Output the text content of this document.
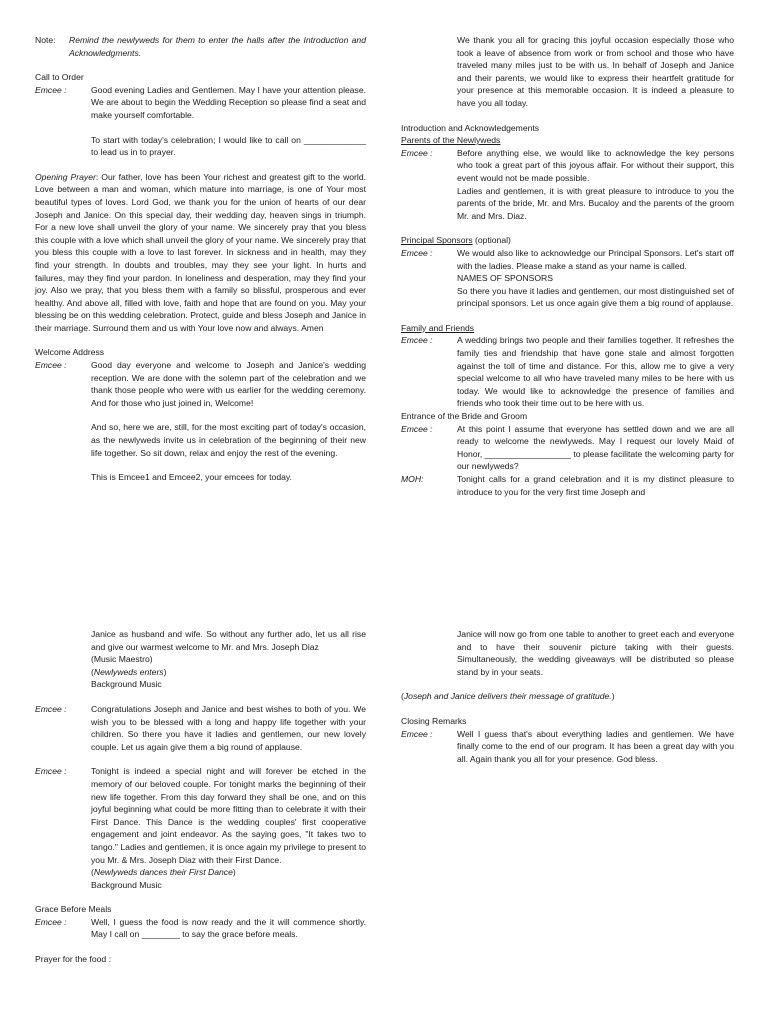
Note:	Remind the newlyweds for them to enter the halls after the Introduction and Acknowledgments.

Call to Order

Emcee :	Good evening Ladies and Gentlemen. May I have your attention please. We are about to begin the Wedding Reception so please find a seat and make yourself comfortable.

To start with today's celebration; I would like to call on _____________ to lead us in to prayer.

Opening Prayer: Our father, love has been Your richest and greatest gift to the world. Love between a man and woman, which mature into marriage, is one of Your most beautiful types of loves. Lord God, we thank you for the union of hearts of our dear Joseph and Janice. On this special day, their wedding day, heaven sings in triumph. For a new love shall unveil the glory of your name. We sincerely pray that you bless this couple with a love which shall unveil the glory of your name. We sincerely pray that you bless this couple with a love to last forever. In sickness and in health, may they find your strength. In doubts and troubles, may they see your light. In hurts and failures, may they find your pardon. In loneliness and desperation, may they find your joy. Also we pray, that you bless them with a family so blissful, prosperous and ever healthy. And above all, filled with love, faith and hope that are found on you. May your blessing be on this wedding celebration. Protect, guide and bless Joseph and Janice in their marriage. Surround them and us with Your love now and always. Amen

Welcome Address

Emcee :	Good day everyone and welcome to Joseph and Janice's wedding reception. We are done with the solemn part of the celebration and we thank those people who were with us earlier for the wedding ceremony. And for those who just joined in, Welcome!

And so, here we are, still, for the most exciting part of today's occasion, as the newlyweds invite us in celebration of the beginning of their new life together. So sit down, relax and enjoy the rest of the evening.

This is Emcee1 and Emcee2, your emcees for today.

We thank you all for gracing this joyful occasion especially those who took a leave of absence from work or from school and those who have traveled many miles just to be with us. In behalf of Joseph and Janice and their parents, we would like to express their heartfelt gratitude for your presence at this memorable occasion. It is indeed a pleasure to have you all today.

Introduction and Acknowledgements

Parents of the Newlyweds

Emcee :	Before anything else, we would like to acknowledge the key persons who took a great part of this joyous affair. For without their support, this event would not be made possible.

Ladies and gentlemen, it is with great pleasure to introduce to you the parents of the bride, Mr. and Mrs. Bucaloy and the parents of the groom Mr. and Mrs. Diaz.

Principal Sponsors (optional)

Emcee :	We would also like to acknowledge our Principal Sponsors. Let's start off with the ladies. Please make a stand as your name is called.

NAMES OF SPONSORS

So there you have it ladies and gentlemen, our most distinguished set of principal sponsors. Let us once again give them a big round of applause.

Family and Friends

Emcee :	A wedding brings two people and their families together. It refreshes the family ties and friendship that have gone stale and almost forgotten against the toll of time and distance. For this, allow me to give a very special welcome to all who have traveled many miles to be here with us today. We would like to acknowledge the presence of families and friends who took their time out to be here with us.

Entrance of the Bride and Groom

Emcee :	At this point I assume that everyone has settled down and we are all ready to welcome the newlyweds. May I request our lovely Maid of Honor, __________________ to please facilitate the welcoming party for our newlyweds?

MOH:	Tonight calls for a grand celebration and it is my distinct pleasure to introduce to you for the very first time Joseph and

Janice as husband and wife. So without any further ado, let us all rise and give our warmest welcome to Mr. and Mrs. Joseph Diaz

(Music Maestro)

(Newlyweds enters)

Background Music

Emcee :	Congratulations Joseph and Janice and best wishes to both of you. We wish you to be blessed with a long and happy life together with your children. So there you have it ladies and gentlemen, our new lovely couple. Let us again give them a big round of applause.

Emcee :	Tonight is indeed a special night and will forever be etched in the memory of our beloved couple. For tonight marks the beginning of their new life together. From this day forward they shall be one, and on this joyful beginning what could be more fitting than to celebrate it with their First Dance. This Dance is the wedding couples' first cooperative engagement and joint endeavor. As the saying goes, "It takes two to tango." Ladies and gentlemen, it is once again my privilege to present to you Mr. & Mrs. Joseph Diaz with their First Dance.

(Newlyweds dances their First Dance)

Background Music

Grace Before Meals

Emcee :	Well, I guess the food is now ready and the it will commence shortly. May I call on ________ to say the grace before meals.

Prayer for the food :

Janice will now go from one table to another to greet each and everyone and to have their souvenir picture taking with their guests. Simultaneously, the wedding giveaways will be distributed so please stand by in your seats.

(Joseph and Janice delivers their message of gratitude.)

Closing Remarks

Emcee :	Well I guess that's about everything ladies and gentlemen. We have finally come to the end of our program. It has been a great day with you all. Again thank you all for your presence. God bless.
